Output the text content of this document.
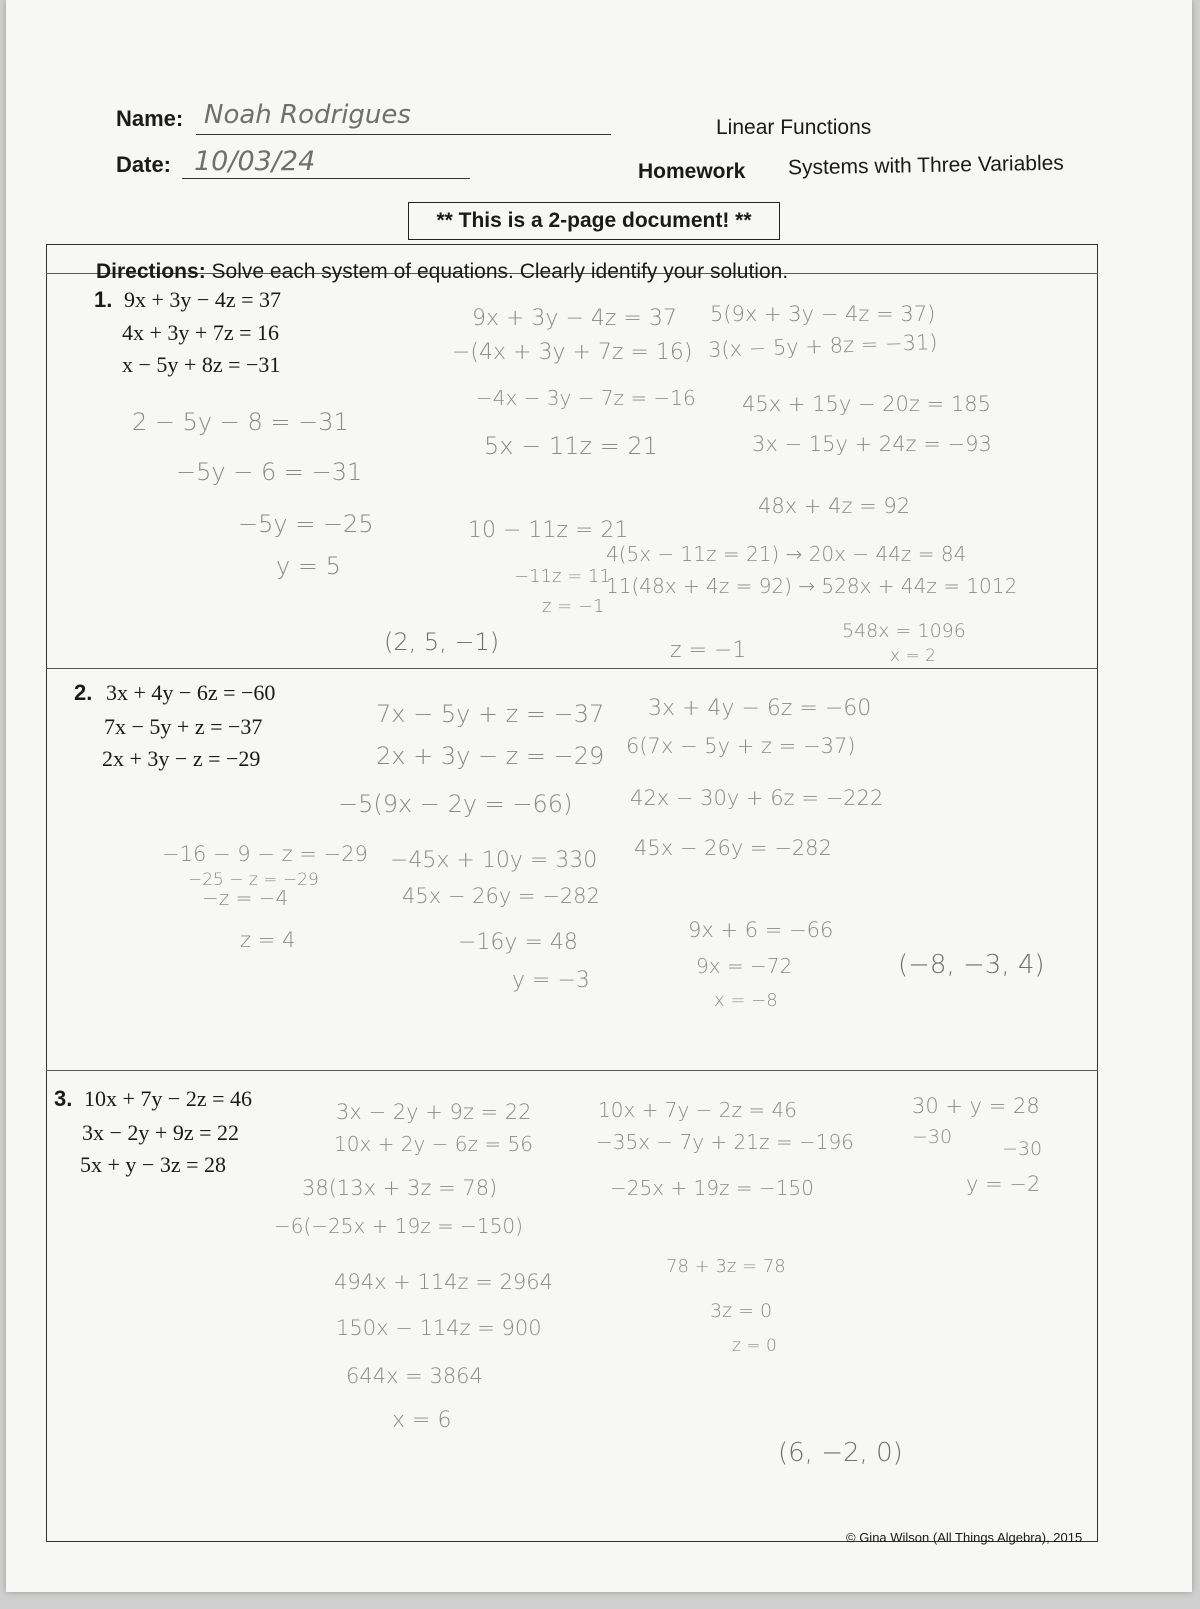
Name: Noah Rodrigues
Date: 10/03/24
Linear Functions
Homework Systems with Three Variables
** This is a 2-page document! **
Directions: Solve each system of equations. Clearly identify your solution.
1. 9x + 3y − 4z = 37
4x + 3y + 7z = 16
x − 5y + 8z = −31
9x + 3y − 4z = 37
−(4x + 3y + 7z = 16)
−4x − 3y − 7z = −16
5x − 11z = 21
5(9x + 3y − 4z = 37)
3(x − 5y + 8z = −31)
45x + 15y − 20z = 185
3x − 15y + 24z = −93
48x + 4z = 92
2 − 5y − 8 = −31
−5y − 6 = −31
−5y = −25
y = 5
10 − 11z = 21
−11z = 11
z = −1
4(5x − 11z = 21) → 20x − 44z = 84
11(48x + 4z = 92) → 528x + 44z = 1012
548x = 1096
x = 2
z = −1
(2, 5, −1)
2. 3x + 4y − 6z = −60
7x − 5y + z = −37
2x + 3y − z = −29
7x − 5y + z = −37
2x + 3y − z = −29
−5(9x − 2y = −66)
−45x + 10y = 330
45x − 26y = −282
−16y = 48
y = −3
3x + 4y − 6z = −60
6(7x − 5y + z = −37)
42x − 30y + 6z = −222
45x − 26y = −282
9x + 6 = −66
9x = −72
x = −8
−16 − 9 − z = −29
−25 − z = −29
−z = −4
z = 4
(−8, −3, 4)
3. 10x + 7y − 2z = 46
3x − 2y + 9z = 22
5x + y − 3z = 28
3x − 2y + 9z = 22
10x + 2y − 6z = 56
38(13x + 3z = 78)
−6(−25x + 19z = −150)
494x + 114z = 2964
150x − 114z = 900
644x = 3864
x = 6
10x + 7y − 2z = 46
−35x − 7y + 21z = −196
−25x + 19z = −150
78 + 3z = 78
3z = 0
z = 0
30 + y = 28
−30
−30
y = −2
(6, −2, 0)
© Gina Wilson (All Things Algebra), 2015
